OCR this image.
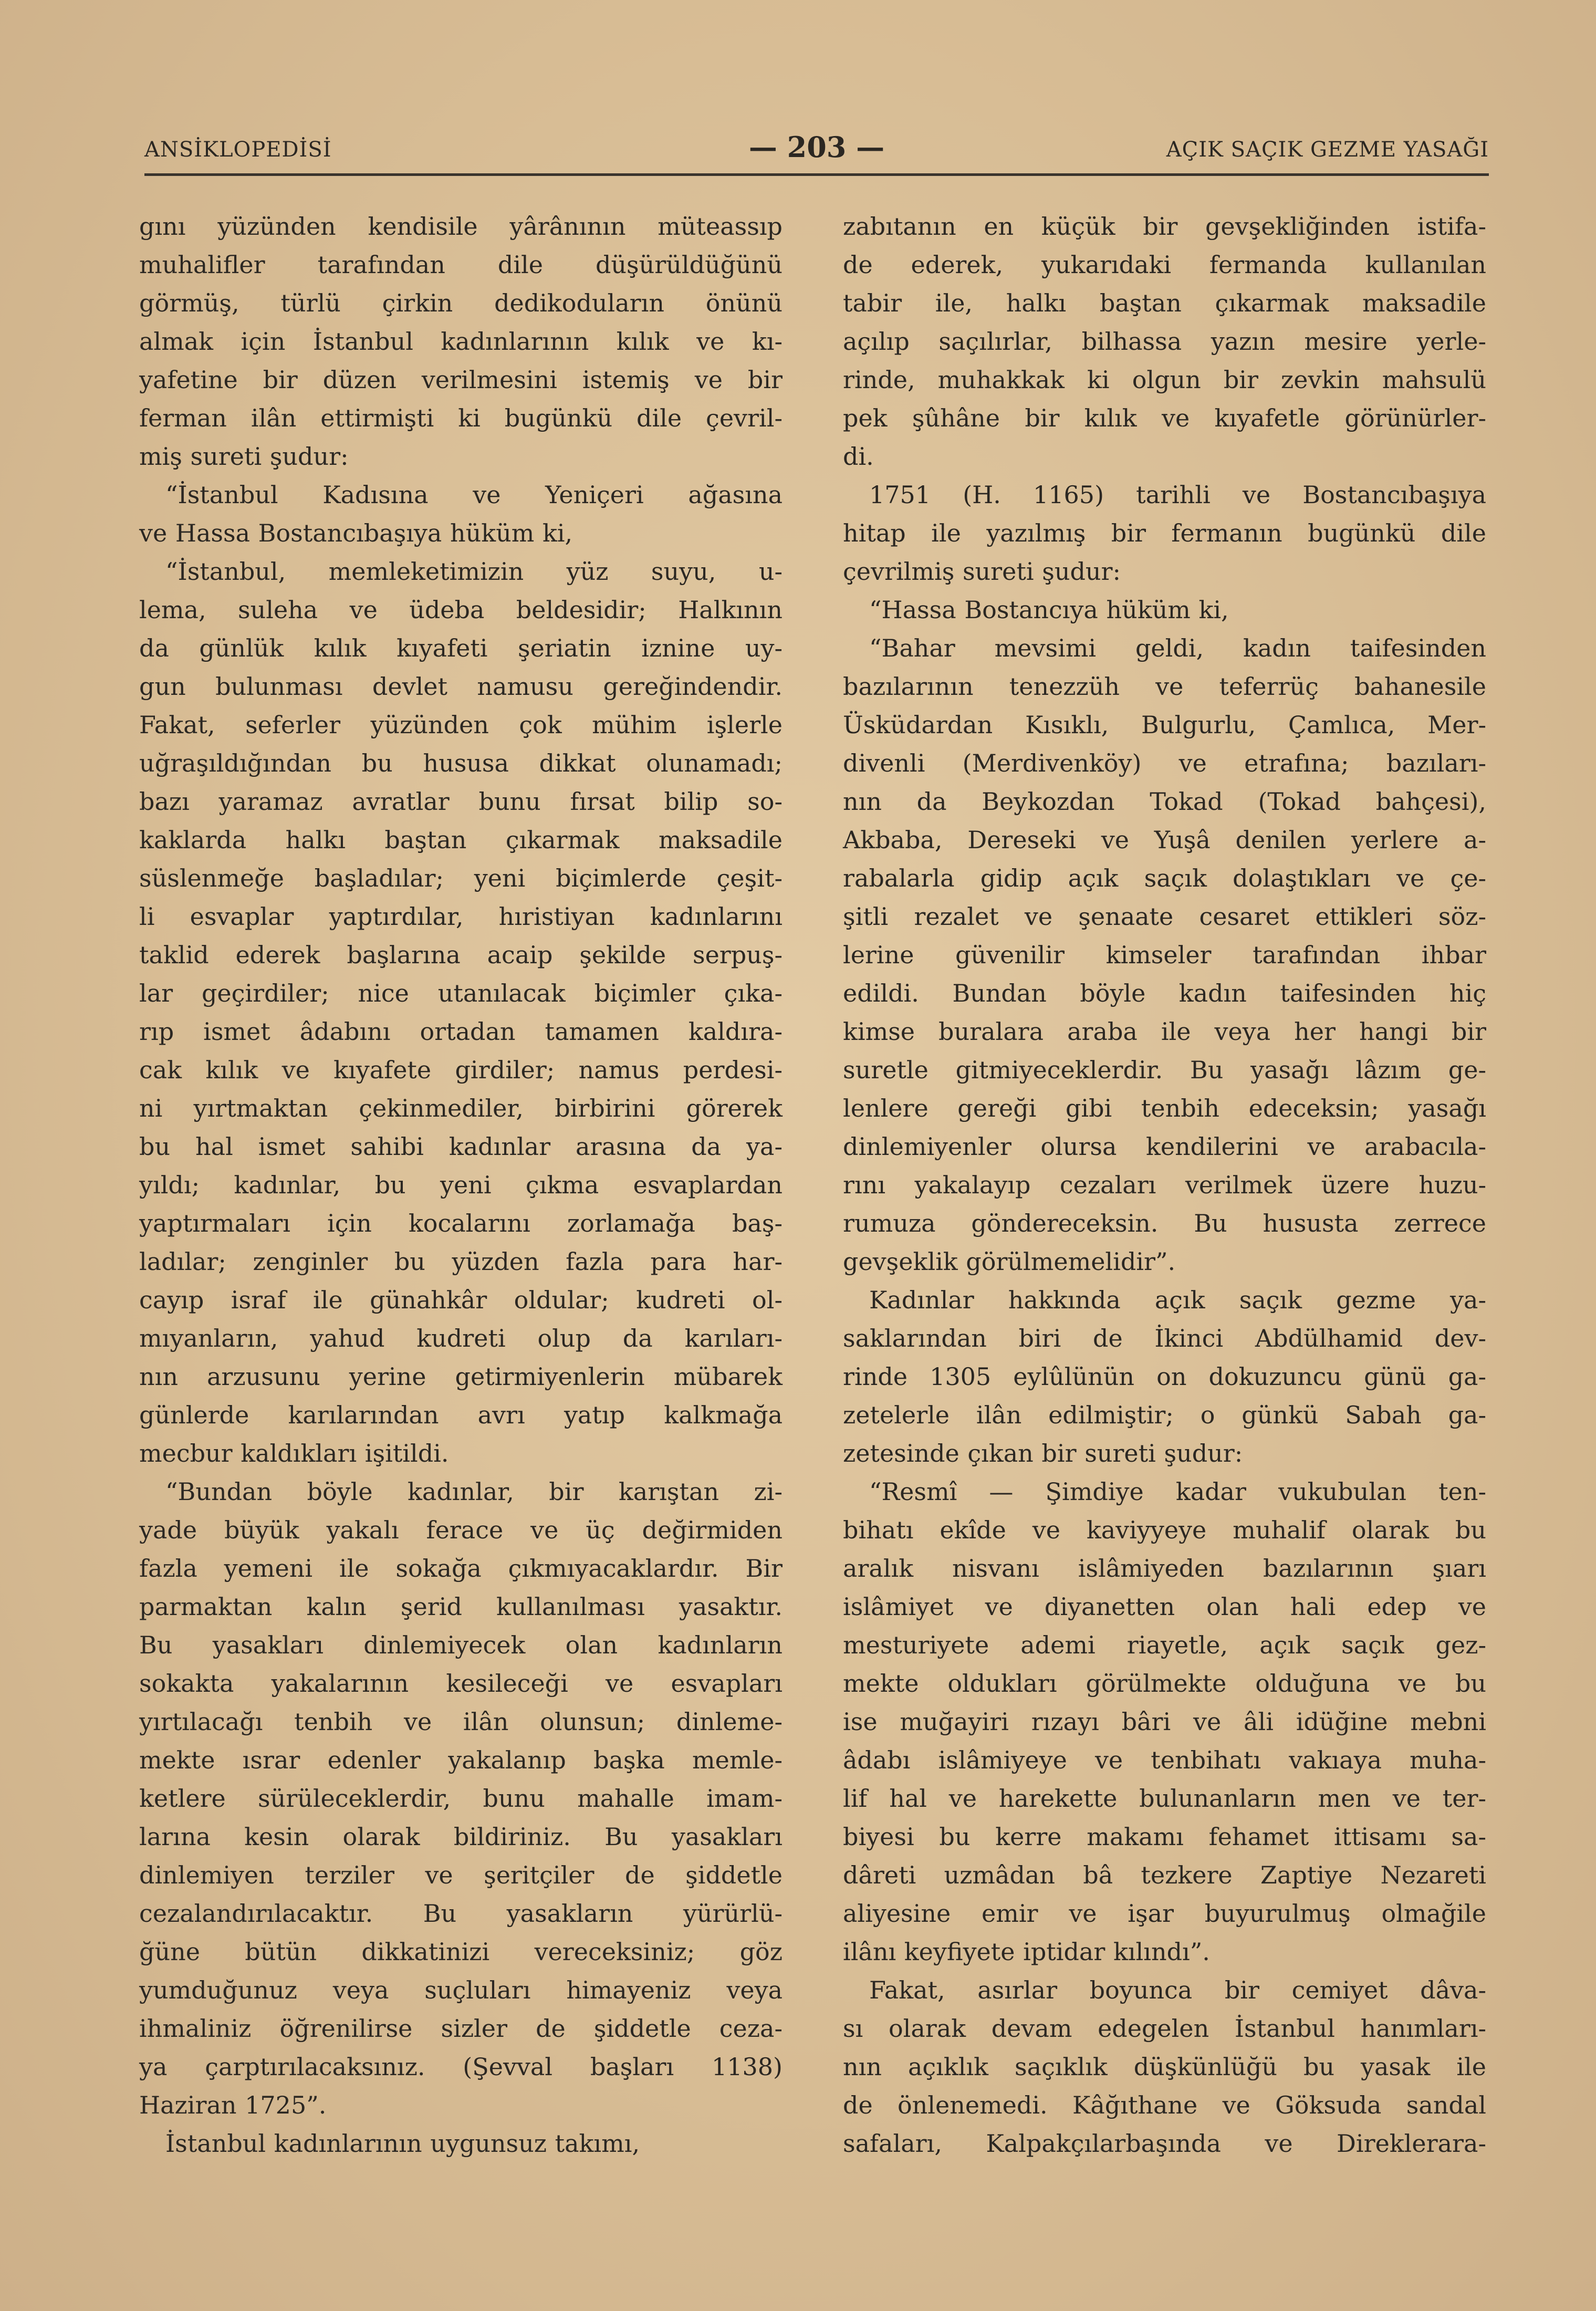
ANSİKLOPEDİSİ	— 203 —	AÇIK SAÇIK GEZME YASAĞI
gını yüzünden kendisile yârânının müteassıp
muhalifler tarafından dile düşürüldüğünü
görmüş, türlü çirkin dedikoduların önünü
almak için İstanbul kadınlarının kılık ve kı-
yafetine bir düzen verilmesini istemiş ve bir
ferman ilân ettirmişti ki bugünkü dile çevril-
miş sureti şudur:
“İstanbul Kadısına ve Yeniçeri ağasına
ve Hassa Bostancıbaşıya hüküm ki,
“İstanbul, memleketimizin yüz suyu, u-
lema, suleha ve üdeba beldesidir; Halkının
da günlük kılık kıyafeti şeriatin iznine uy-
gun bulunması devlet namusu gereğindendir.
Fakat, seferler yüzünden çok mühim işlerle
uğraşıldığından bu hususa dikkat olunamadı;
bazı yaramaz avratlar bunu fırsat bilip so-
kaklarda halkı baştan çıkarmak maksadile
süslenmeğe başladılar; yeni biçimlerde çeşit-
li esvaplar yaptırdılar, hıristiyan kadınlarını
taklid ederek başlarına acaip şekilde serpuş-
lar geçirdiler; nice utanılacak biçimler çıka-
rıp ismet âdabını ortadan tamamen kaldıra-
cak kılık ve kıyafete girdiler; namus perdesi-
ni yırtmaktan çekinmediler, birbirini görerek
bu hal ismet sahibi kadınlar arasına da ya-
yıldı; kadınlar, bu yeni çıkma esvaplardan
yaptırmaları için kocalarını zorlamağa baş-
ladılar; zenginler bu yüzden fazla para har-
cayıp israf ile günahkâr oldular; kudreti ol-
mıyanların, yahud kudreti olup da karıları-
nın arzusunu yerine getirmiyenlerin mübarek
günlerde karılarından avrı yatıp kalkmağa
mecbur kaldıkları işitildi.
“Bundan böyle kadınlar, bir karıştan zi-
yade büyük yakalı ferace ve üç değirmiden
fazla yemeni ile sokağa çıkmıyacaklardır. Bir
parmaktan kalın şerid kullanılması yasaktır.
Bu yasakları dinlemiyecek olan kadınların
sokakta yakalarının kesileceği ve esvapları
yırtılacağı tenbih ve ilân olunsun; dinleme-
mekte ısrar edenler yakalanıp başka memle-
ketlere sürüleceklerdir, bunu mahalle imam-
larına kesin olarak bildiriniz. Bu yasakları
dinlemiyen terziler ve şeritçiler de şiddetle
cezalandırılacaktır. Bu yasakların yürürlü-
ğüne bütün dikkatinizi vereceksiniz; göz
yumduğunuz veya suçluları himayeniz veya
ihmaliniz öğrenilirse sizler de şiddetle ceza-
ya çarptırılacaksınız. (Şevval başları 1138)
Haziran 1725”.
İstanbul kadınlarının uygunsuz takımı,
zabıtanın en küçük bir gevşekliğinden istifa-
de ederek, yukarıdaki fermanda kullanılan
tabir ile, halkı baştan çıkarmak maksadile
açılıp saçılırlar, bilhassa yazın mesire yerle-
rinde, muhakkak ki olgun bir zevkin mahsulü
pek şûhâne bir kılık ve kıyafetle görünürler-
di.
1751 (H. 1165) tarihli ve Bostancıbaşıya
hitap ile yazılmış bir fermanın bugünkü dile
çevrilmiş sureti şudur:
“Hassa Bostancıya hüküm ki,
“Bahar mevsimi geldi, kadın taifesinden
bazılarının tenezzüh ve teferrüç bahanesile
Üsküdardan Kısıklı, Bulgurlu, Çamlıca, Mer-
divenli (Merdivenköy) ve etrafına; bazıları-
nın da Beykozdan Tokad (Tokad bahçesi),
Akbaba, Dereseki ve Yuşâ denilen yerlere a-
rabalarla gidip açık saçık dolaştıkları ve çe-
şitli rezalet ve şenaate cesaret ettikleri söz-
lerine güvenilir kimseler tarafından ihbar
edildi. Bundan böyle kadın taifesinden hiç
kimse buralara araba ile veya her hangi bir
suretle gitmiyeceklerdir. Bu yasağı lâzım ge-
lenlere gereği gibi tenbih edeceksin; yasağı
dinlemiyenler olursa kendilerini ve arabacıla-
rını yakalayıp cezaları verilmek üzere huzu-
rumuza göndereceksin. Bu hususta zerrece
gevşeklik görülmemelidir”.
Kadınlar hakkında açık saçık gezme ya-
saklarından biri de İkinci Abdülhamid dev-
rinde 1305 eylûlünün on dokuzuncu günü ga-
zetelerle ilân edilmiştir; o günkü Sabah ga-
zetesinde çıkan bir sureti şudur:
“Resmî — Şimdiye kadar vukubulan ten-
bihatı ekîde ve kaviyyeye muhalif olarak bu
aralık nisvanı islâmiyeden bazılarının şıarı
islâmiyet ve diyanetten olan hali edep ve
mesturiyete ademi riayetle, açık saçık gez-
mekte oldukları görülmekte olduğuna ve bu
ise muğayiri rızayı bâri ve âli idüğine mebni
âdabı islâmiyeye ve tenbihatı vakıaya muha-
lif hal ve harekette bulunanların men ve ter-
biyesi bu kerre makamı fehamet ittisamı sa-
dâreti uzmâdan bâ tezkere Zaptiye Nezareti
aliyesine emir ve işar buyurulmuş olmağile
ilânı keyfiyete iptidar kılındı”.
Fakat, asırlar boyunca bir cemiyet dâva-
sı olarak devam edegelen İstanbul hanımları-
nın açıklık saçıklık düşkünlüğü bu yasak ile
de önlenemedi. Kâğıthane ve Göksuda sandal
safaları, Kalpakçılarbaşında ve Direklerara-
